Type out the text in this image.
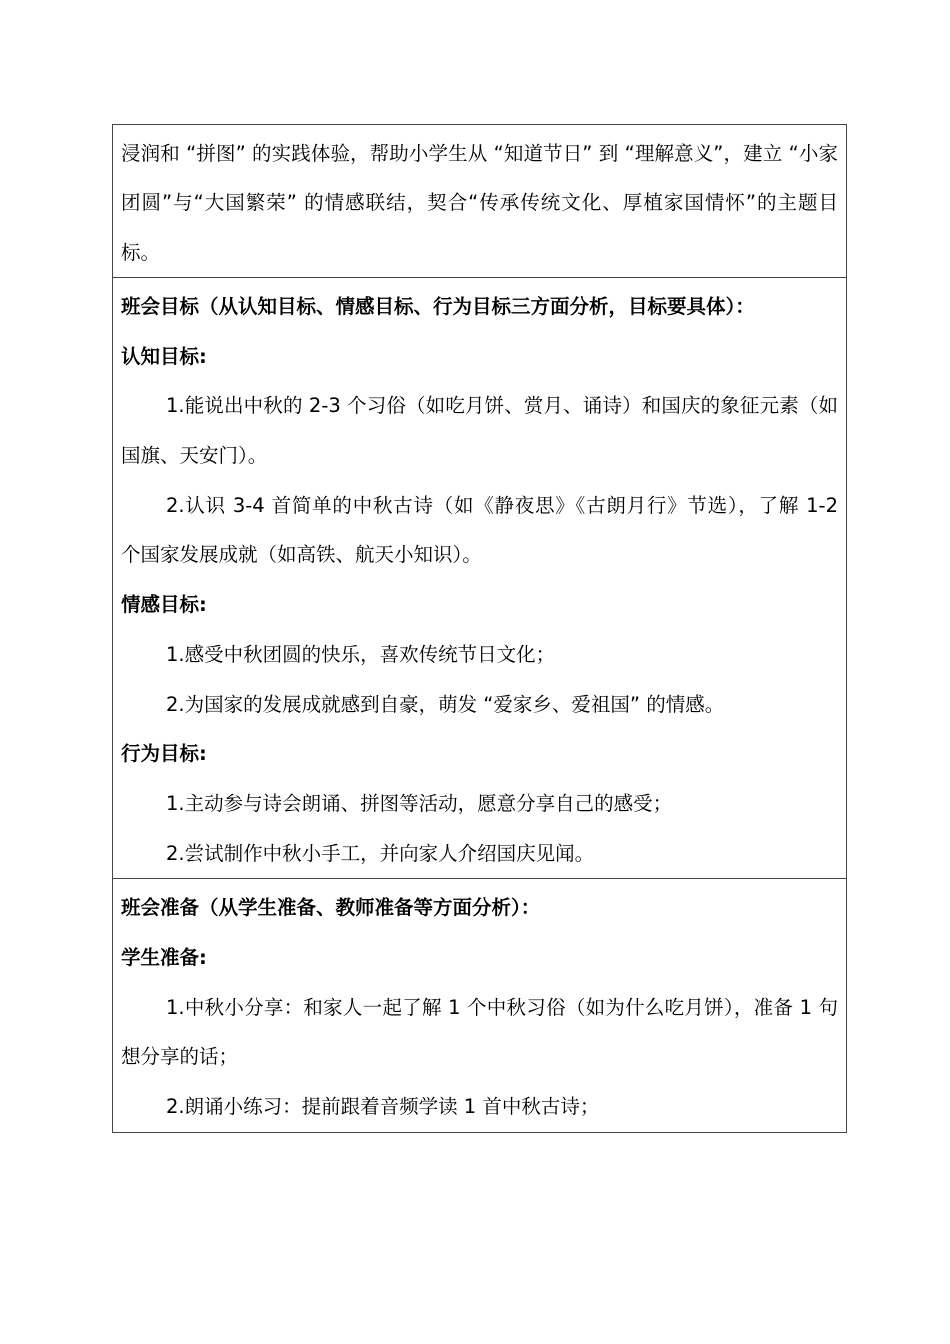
浸润和 “拼图” 的实践体验，帮助小学生从 “知道节日” 到 “理解意义”，建立 “小家团圆”与“大国繁荣” 的情感联结，契合“传承传统文化、厚植家国情怀”的主题目标。

班会目标（从认知目标、情感目标、行为目标三方面分析，目标要具体）：

认知目标:

1.能说出中秋的 2-3 个习俗（如吃月饼、赏月、诵诗）和国庆的象征元素（如国旗、天安门）。

2.认识 3-4 首简单的中秋古诗（如《静夜思》《古朗月行》节选），了解 1-2 个国家发展成就（如高铁、航天小知识）。

情感目标:

1.感受中秋团圆的快乐，喜欢传统节日文化；

2.为国家的发展成就感到自豪，萌发 “爱家乡、爱祖国” 的情感。

行为目标:

1.主动参与诗会朗诵、拼图等活动，愿意分享自己的感受；

2.尝试制作中秋小手工，并向家人介绍国庆见闻。

班会准备（从学生准备、教师准备等方面分析）：

学生准备:

1.中秋小分享：和家人一起了解 1 个中秋习俗（如为什么吃月饼），准备 1 句想分享的话；

2.朗诵小练习：提前跟着音频学读 1 首中秋古诗；
